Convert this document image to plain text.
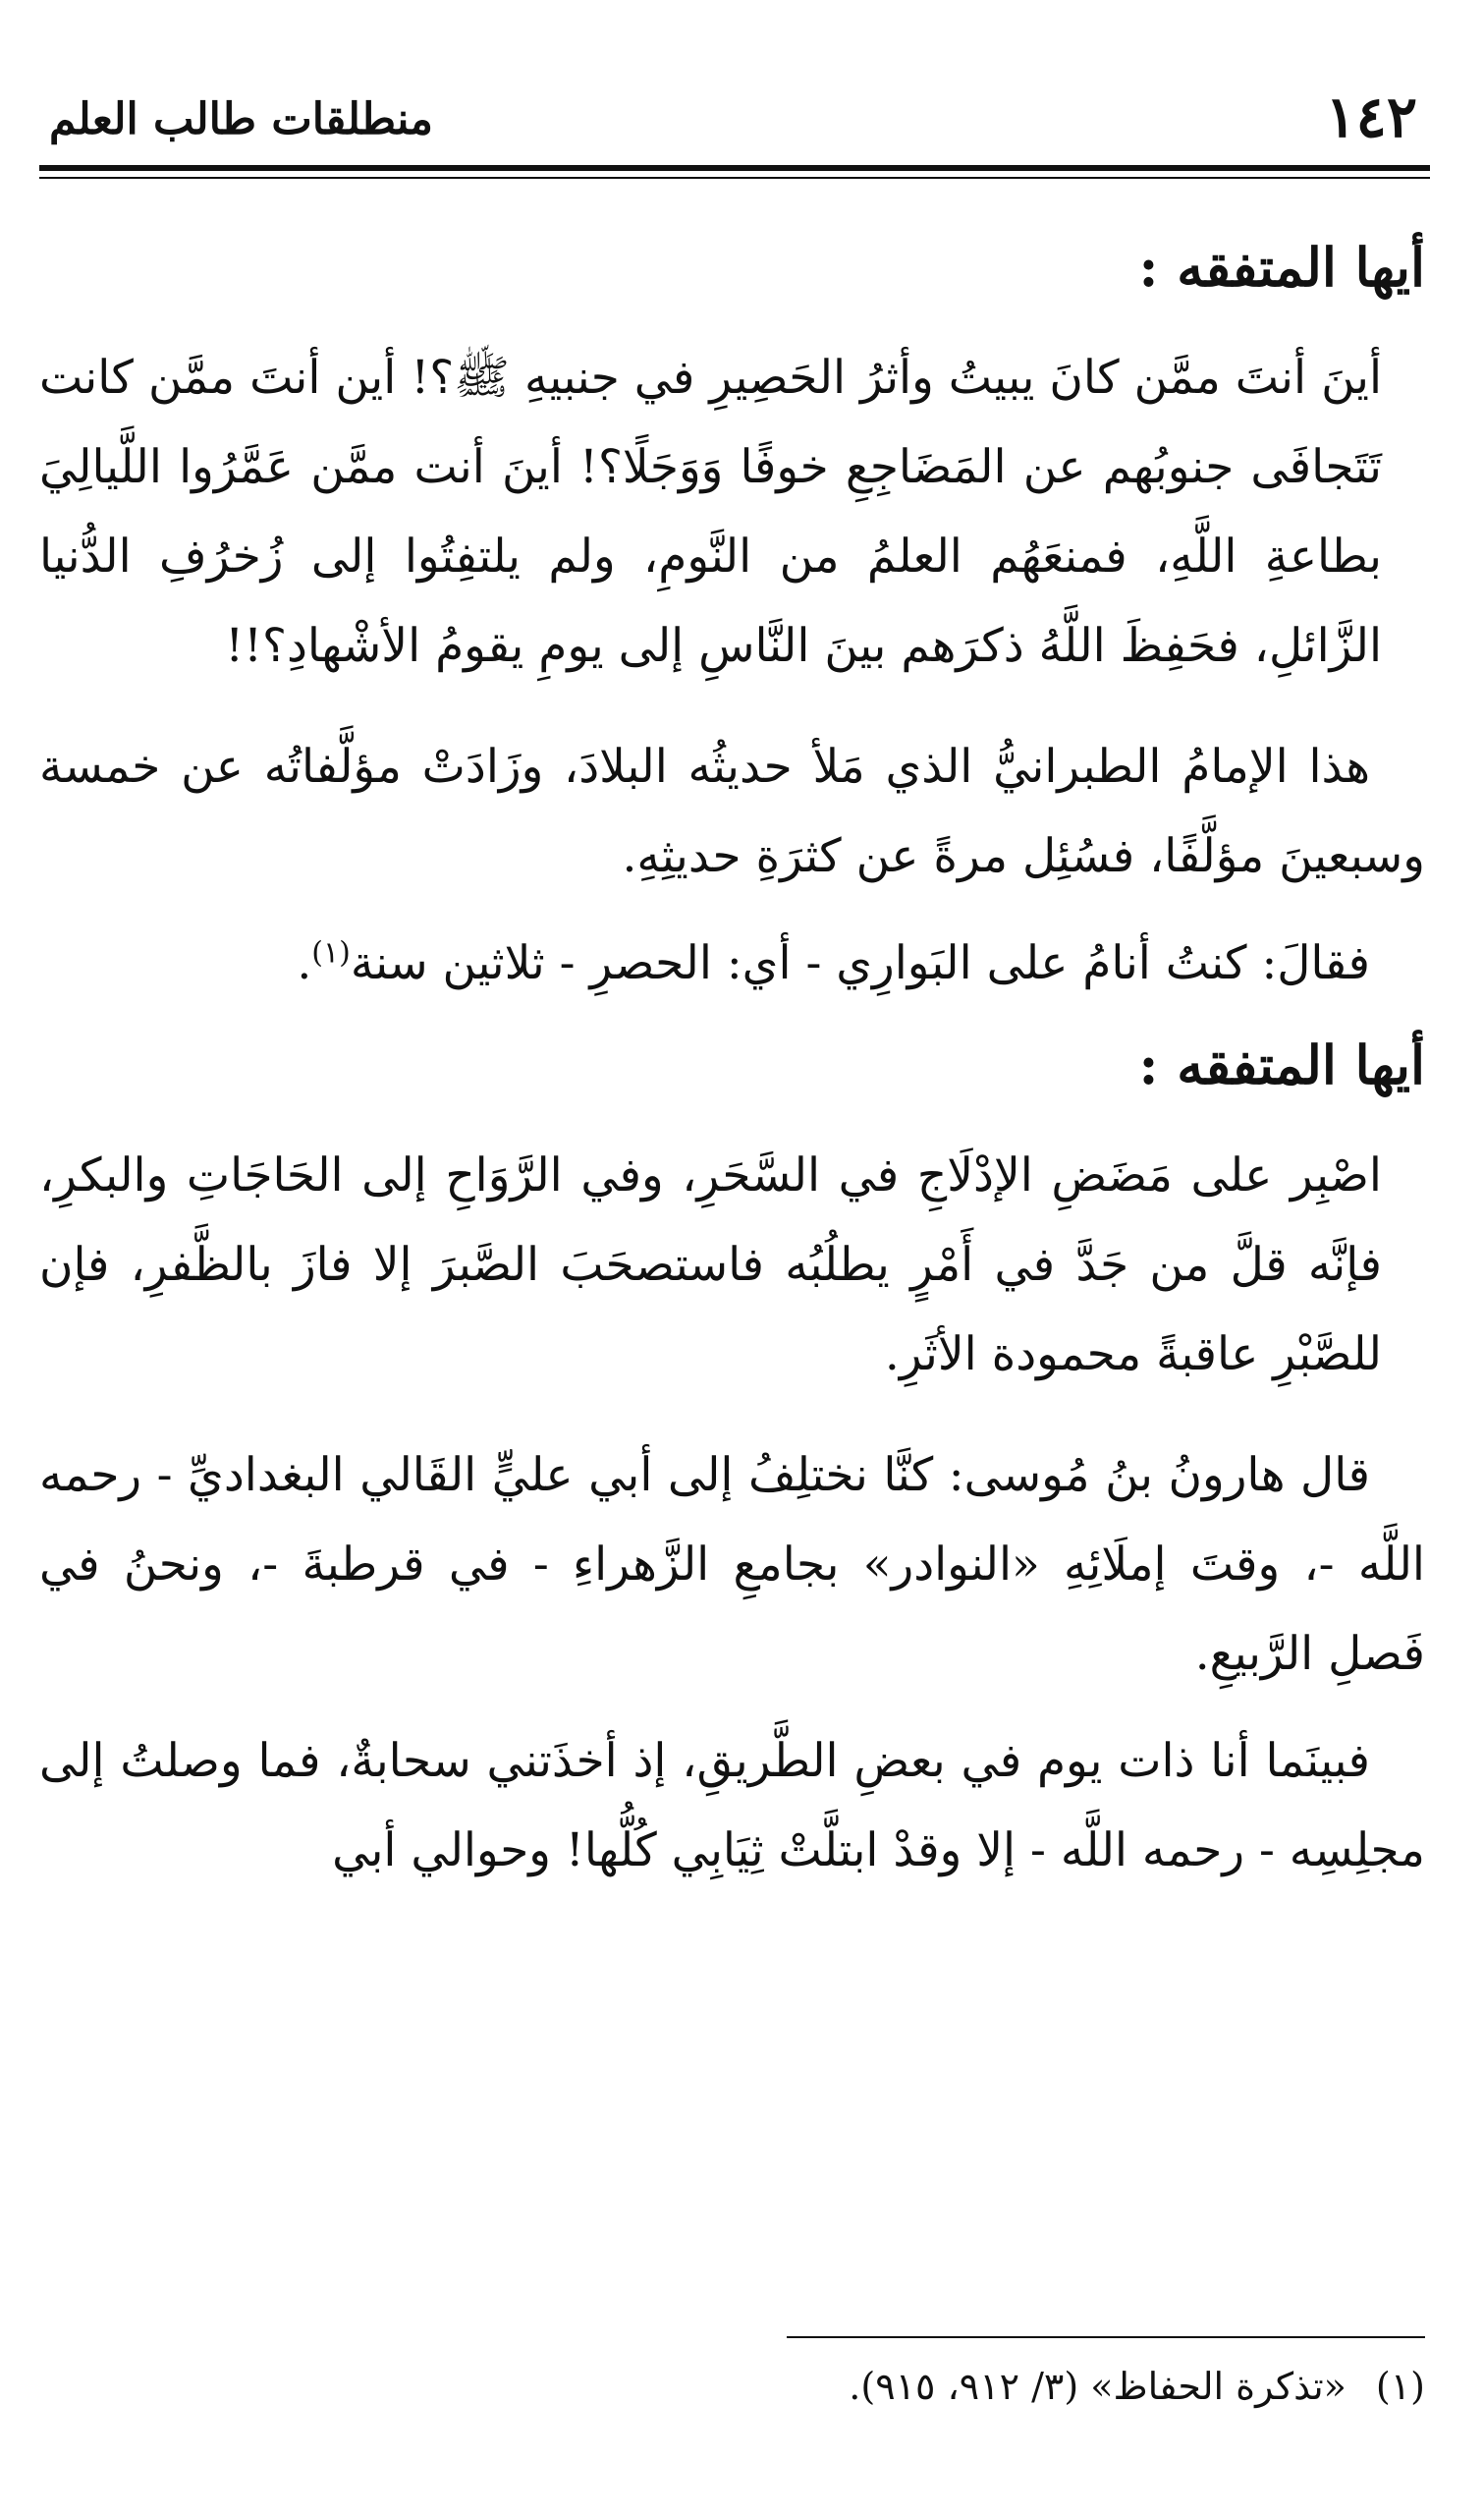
١٤٢
منطلقات طالب العلم
أيها المتفقه :

أينَ أنتَ ممَّن كانَ يبيتُ وأثرُ الحَصِيرِ في جنبيهِ ﷺ؟! أين أنتَ ممَّن كانت تَتَجافَى جنوبُهم عن المَضَاجِعِ خوفًا وَوَجَلًا؟! أينَ أنت ممَّن عَمَّرُوا اللَّيالِيَ بطاعةِ اللَّهِ، فمنعَهُم العلمُ من النَّومِ، ولم يلتفِتُوا إلى زُخرُفِ الدُّنيا الزَّائلِ، فحَفِظَ اللَّهُ ذكرَهم بينَ النَّاسِ إلى يومِ يقومُ الأشْهادِ؟!!

هذا الإمامُ الطبرانيُّ الذي مَلأ حديثُه البلادَ، وزَادَتْ مؤلَّفاتُه عن خمسة وسبعينَ مؤلَّفًا، فسُئِل مرةً عن كثرَةِ حديثِهِ.

فقالَ: كنتُ أنامُ على البَوارِي - أي: الحصرِ - ثلاثين سنة$^{(١)}$.

أيها المتفقه :

اصْبِر على مَضَضِ الإدْلَاجِ في السَّحَرِ، وفي الرَّوَاحِ إلى الحَاجَاتِ والبكرِ، فإنَّه قلَّ من جَدَّ في أَمْرٍ يطلُبُه فاستصحَبَ الصَّبرَ إلا فازَ بالظَّفرِ، فإن للصَّبْرِ عاقبةً محمودة الأثَرِ.

قال هارونُ بنُ مُوسى: كنَّا نختلِفُ إلى أبي عليٍّ القَالي البغداديِّ - رحمه اللَّه -، وقتَ إملَائِهِ «النوادر» بجامعِ الزَّهراءِ - في قرطبةَ -، ونحنُ في فَصلِ الرَّبيعِ.

فبينَما أنا ذات يوم في بعضِ الطَّريقِ، إذ أخذَتني سحابةٌ، فما وصلتُ إلى مجلِسِه - رحمه اللَّه - إلا وقدْ ابتلَّتْ ثِيَابِي كُلُّها! وحوالي أبي

(١)«تذكرة الحفاظ» (٣/ ٩١٢، ٩١٥).
